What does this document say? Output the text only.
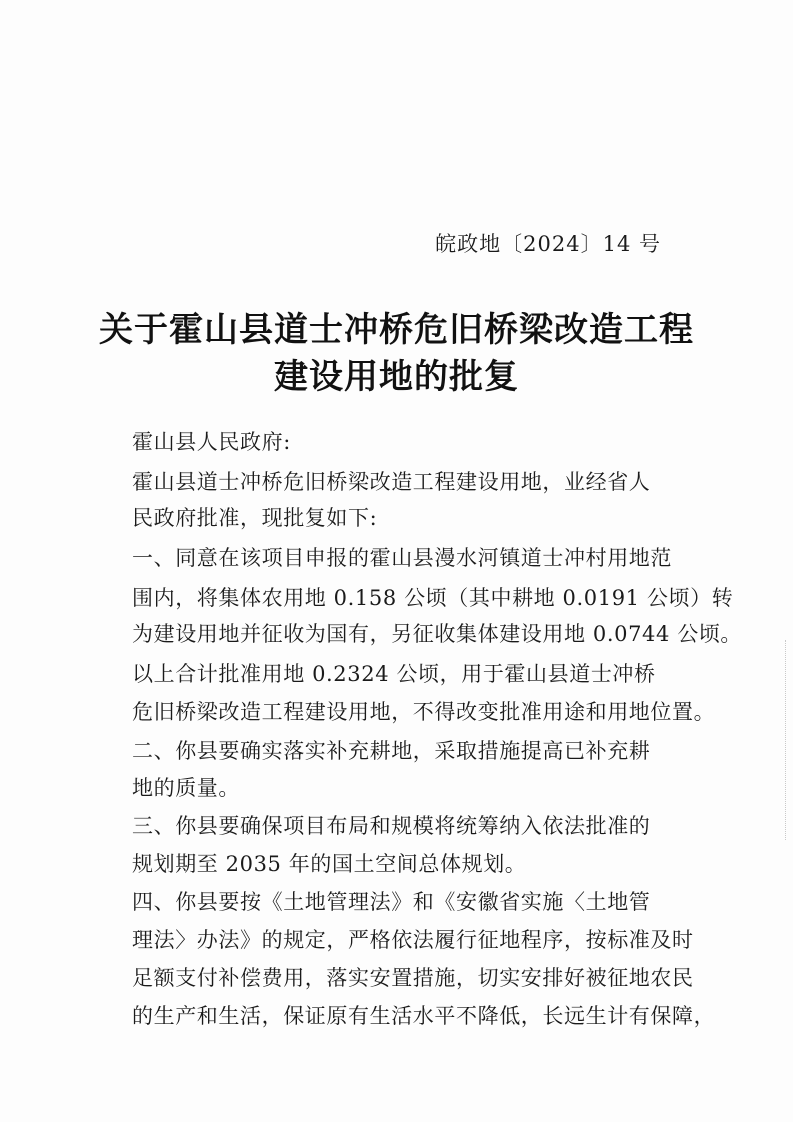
皖政地〔2024〕14 号
关于霍山县道士冲桥危旧桥梁改造工程
建设用地的批复
霍山县人民政府:
霍山县道士冲桥危旧桥梁改造工程建设用地，业经省人
民政府批准，现批复如下:
一、同意在该项目申报的霍山县漫水河镇道士冲村用地范
围内，将集体农用地 0.158 公顷（其中耕地 0.0191 公顷）转
为建设用地并征收为国有，另征收集体建设用地 0.0744 公顷。
以上合计批准用地 0.2324 公顷，用于霍山县道士冲桥
危旧桥梁改造工程建设用地，不得改变批准用途和用地位置。
二、你县要确实落实补充耕地，采取措施提高已补充耕
地的质量。
三、你县要确保项目布局和规模将统筹纳入依法批准的
规划期至 2035 年的国土空间总体规划。
四、你县要按《土地管理法》和《安徽省实施〈土地管
理法〉办法》的规定，严格依法履行征地程序，按标准及时
足额支付补偿费用，落实安置措施，切实安排好被征地农民
的生产和生活，保证原有生活水平不降低，长远生计有保障，
